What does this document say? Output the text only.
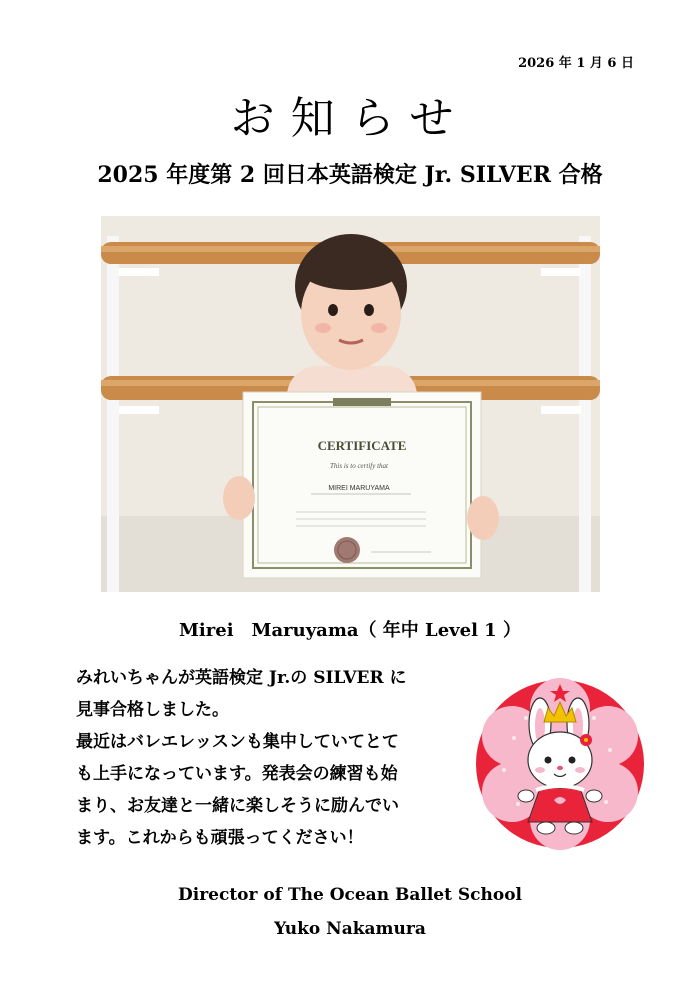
2026 年 1 月 6 日
お知らせ
2025 年度第 2 回日本英語検定 Jr. SILVER 合格
CERTIFICATE
This is to certify that
MIREI MARUYAMA
Mirei　Maruyama（ 年中 Level 1 ）

みれいちゃんが英語検定 Jr.の SILVER に

見事合格しました。

最近はバレエレッスンも集中していてとて

も上手になっています。発表会の練習も始

まり、お友達と一緒に楽しそうに励んでい

ます。これからも頑張ってください！

Director of The Ocean Ballet School
Yuko Nakamura
